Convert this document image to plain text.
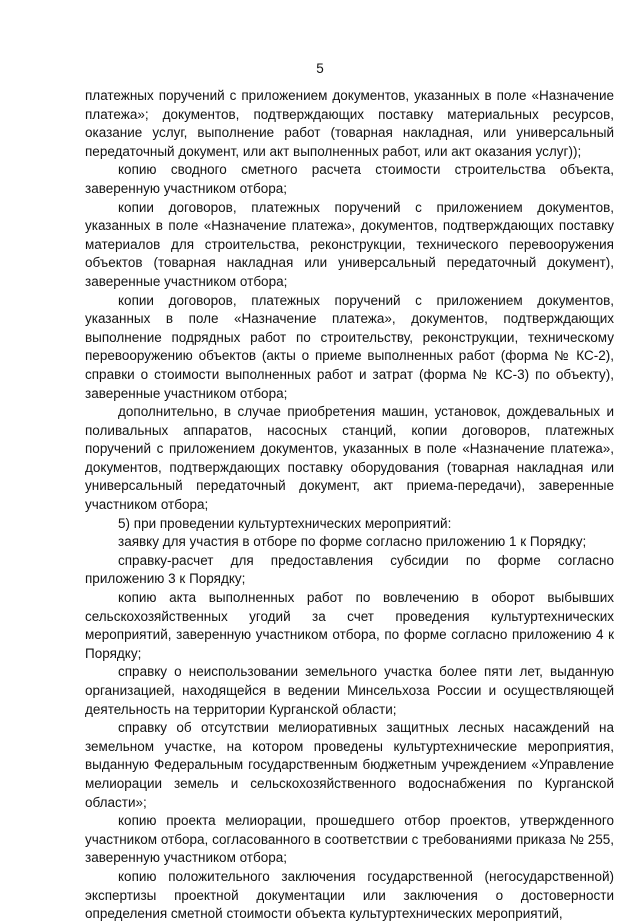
5

платежных поручений с приложением документов, указанных в поле «Назначение платежа»; документов, подтверждающих поставку материальных ресурсов, оказание услуг, выполнение работ (товарная накладная, или универсальный передаточный документ, или акт выполненных работ, или акт оказания услуг));

копию сводного сметного расчета стоимости строительства объекта, заверенную участником отбора;

копии договоров, платежных поручений с приложением документов, указанных в поле «Назначение платежа», документов, подтверждающих поставку материалов для строительства, реконструкции, технического перевооружения объектов (товарная накладная или универсальный передаточный документ), заверенные участником отбора;

копии договоров, платежных поручений с приложением документов, указанных в поле «Назначение платежа», документов, подтверждающих выполнение подрядных работ по строительству, реконструкции, техническому перевооружению объектов (акты о приеме выполненных работ (форма № КС-2), справки о стоимости выполненных работ и затрат (форма № КС-3) по объекту), заверенные участником отбора;

дополнительно, в случае приобретения машин, установок, дождевальных и поливальных аппаратов, насосных станций, копии договоров, платежных поручений с приложением документов, указанных в поле «Назначение платежа», документов, подтверждающих поставку оборудования (товарная накладная или универсальный передаточный документ, акт приема-передачи), заверенные участником отбора;

5) при проведении культуртехнических мероприятий:

заявку для участия в отборе по форме согласно приложению 1 к Порядку;

справку-расчет для предоставления субсидии по форме согласно приложению 3 к Порядку;

копию акта выполненных работ по вовлечению в оборот выбывших сельскохозяйственных угодий за счет проведения культуртехнических мероприятий, заверенную участником отбора, по форме согласно приложению 4 к Порядку;

справку о неиспользовании земельного участка более пяти лет, выданную организацией, находящейся в ведении Минсельхоза России и осуществляющей деятельность на территории Курганской области;

справку об отсутствии мелиоративных защитных лесных насаждений на земельном участке, на котором проведены культуртехнические мероприятия, выданную Федеральным государственным бюджетным учреждением «Управление мелиорации земель и сельскохозяйственного водоснабжения по Курганской области»;

копию проекта мелиорации, прошедшего отбор проектов, утвержденного участником отбора, согласованного в соответствии с требованиями приказа № 255, заверенную участником отбора;

копию положительного заключения государственной (негосударственной) экспертизы проектной документации или заключения о достоверности определения сметной стоимости объекта культуртехнических мероприятий,
